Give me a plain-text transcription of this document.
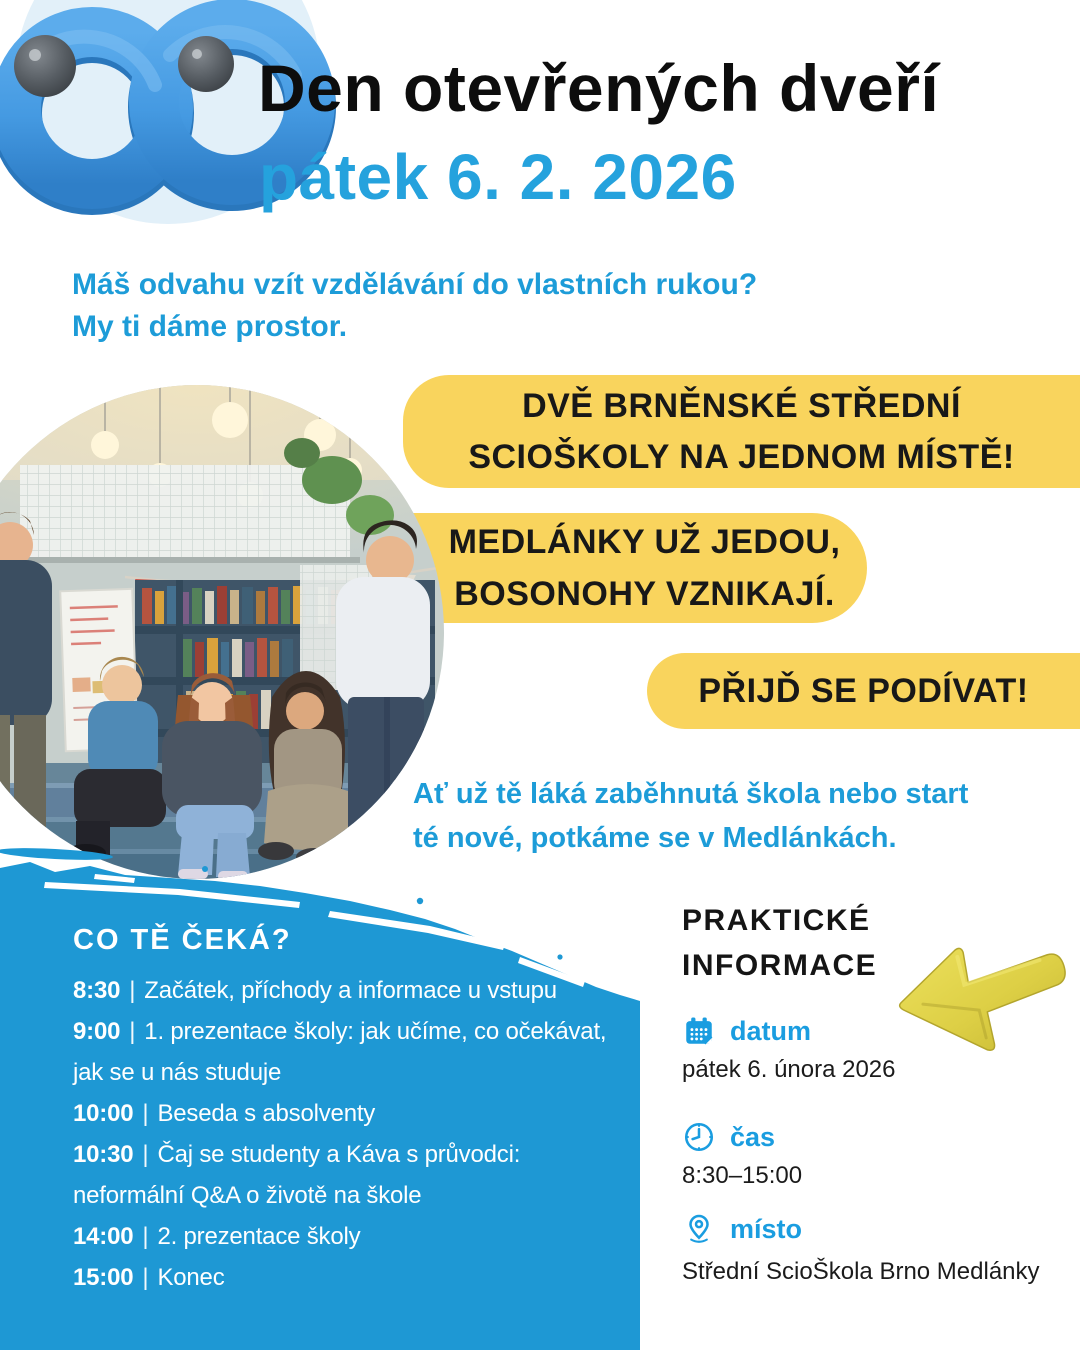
Den otevřených dveří
pátek 6. 2. 2026
Máš odvahu vzít vzdělávání do vlastních rukou?
My ti dáme prostor.
DVĚ BRNĚNSKÉ STŘEDNÍ
SCIOŠKOLY NA JEDNOM MÍSTĚ!
MEDLÁNKY UŽ JEDOU,
BOSONOHY VZNIKAJÍ.
PŘIJĎ SE PODÍVAT!
Ať už tě láká zaběhnutá škola nebo start
té nové, potkáme se v Medlánkách.
CO TĚ ČEKÁ?

8:30 | Začátek, příchody a informace u vstupu

9:00 | 1. prezentace školy: jak učíme, co očekávat, jak se u nás studuje

10:00 | Beseda s absolventy

10:30 | Čaj se studenty a Káva s průvodci: neformální Q&A o životě na škole

14:00 | 2. prezentace školy

15:00 | Konec

PRAKTICKÉ INFORMACE
datum
pátek 6. února 2026
čas
8:30–15:00
místo
Střední ScioŠkola Brno Medlánky
